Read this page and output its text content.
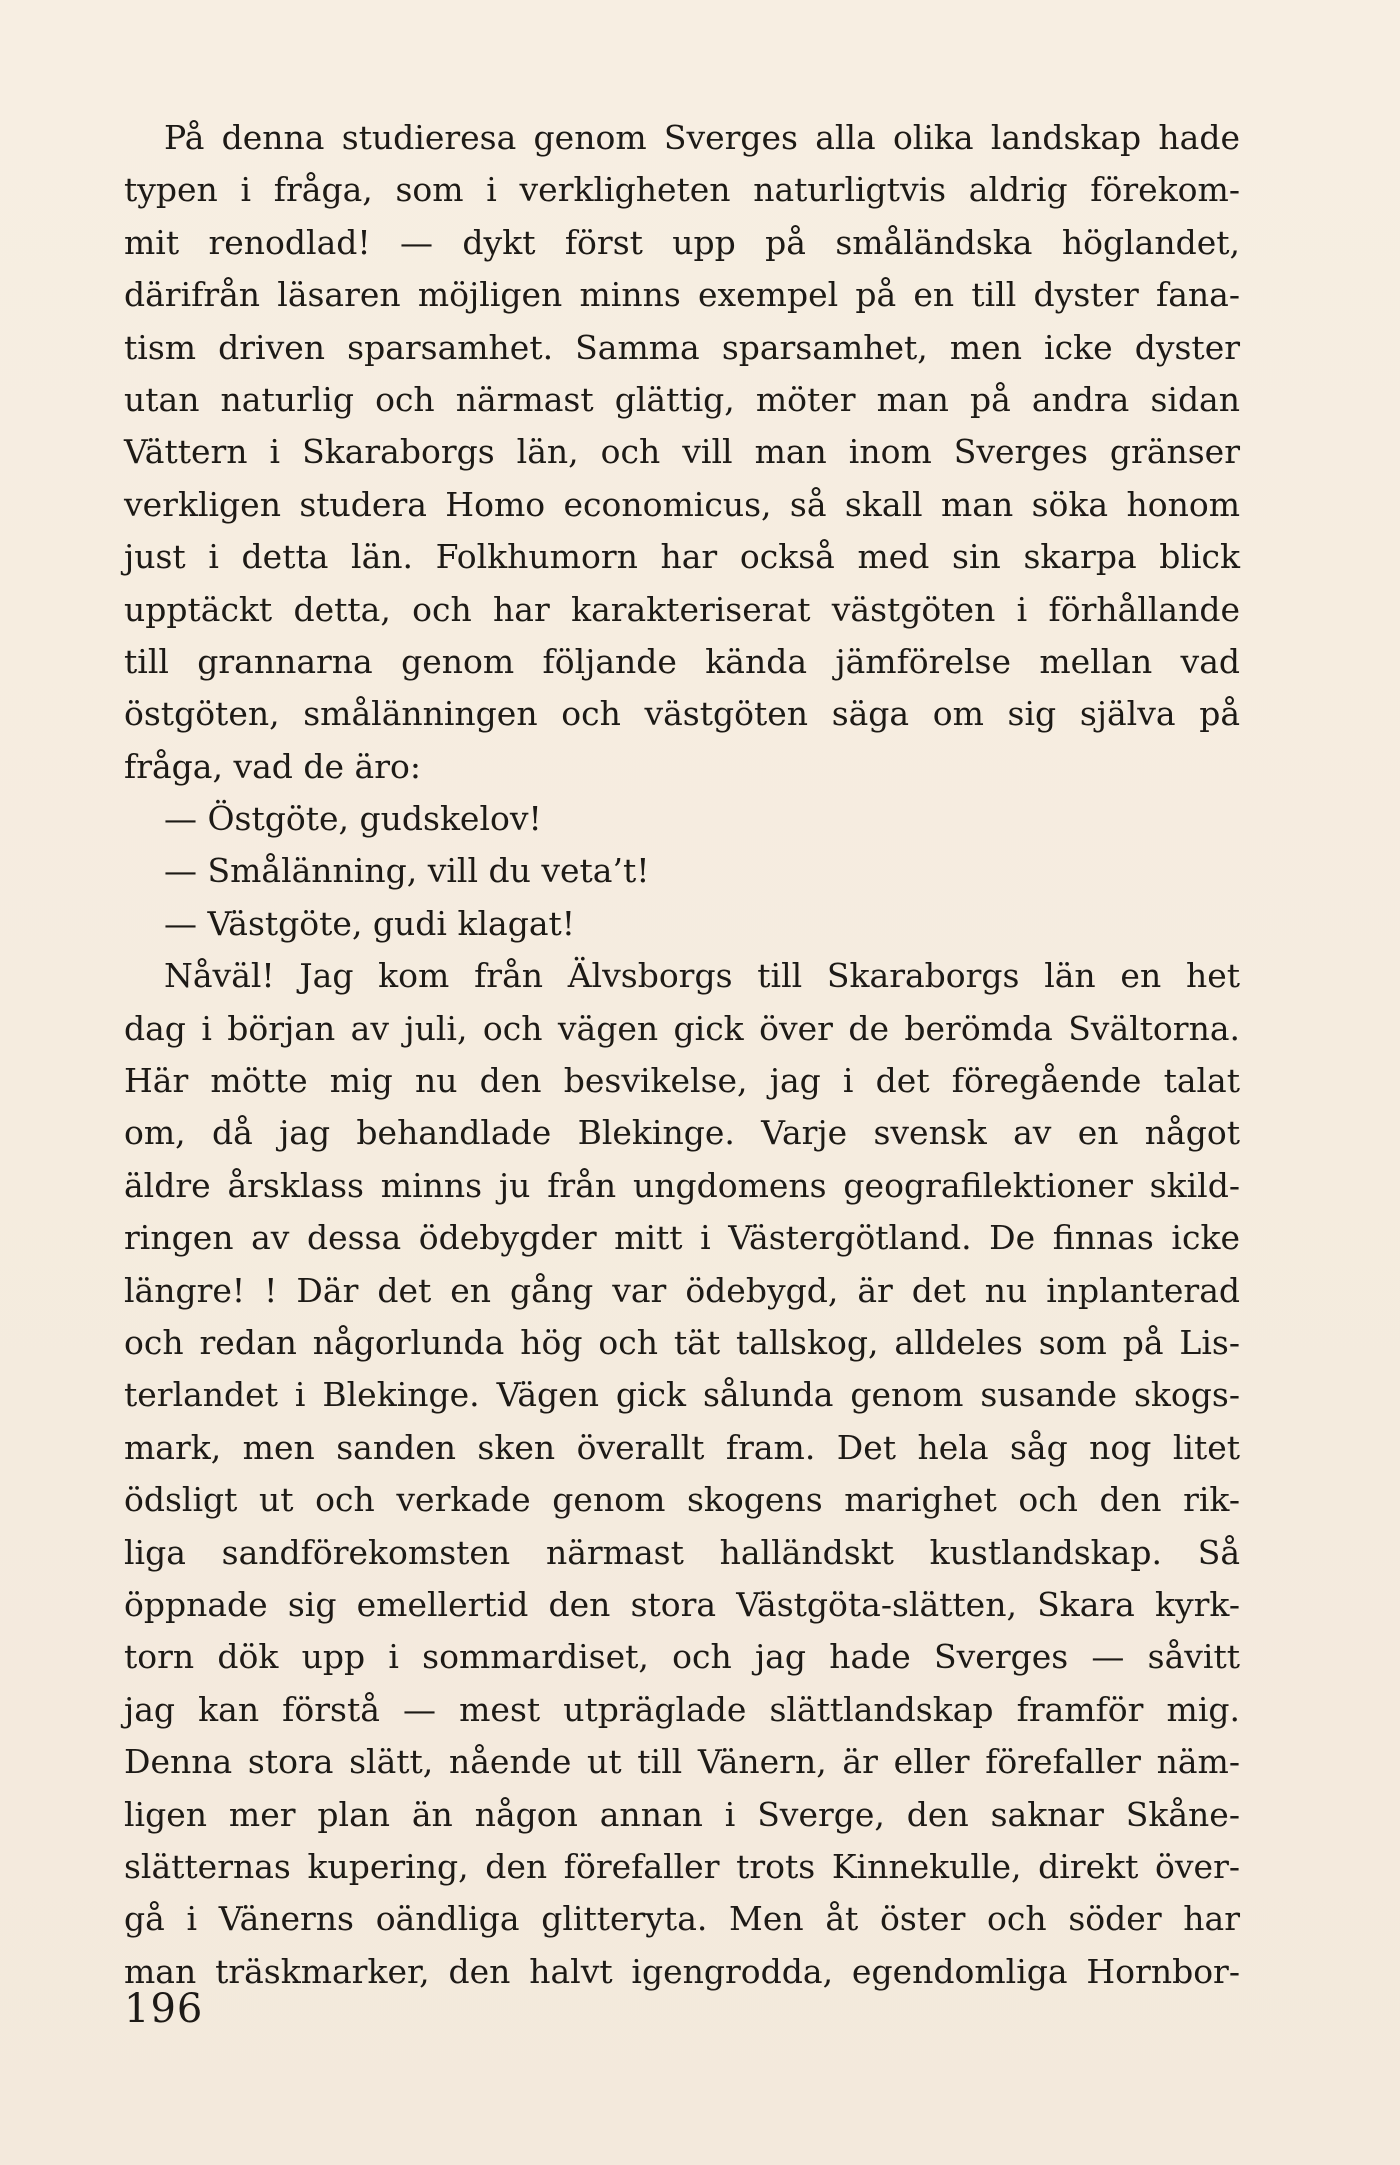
På denna studieresa genom Sverges alla olika landskap hade
typen i fråga, som i verkligheten naturligtvis aldrig förekom-
mit renodlad! — dykt först upp på småländska höglandet,
därifrån läsaren möjligen minns exempel på en till dyster fana-
tism driven sparsamhet. Samma sparsamhet, men icke dyster
utan naturlig och närmast glättig, möter man på andra sidan
Vättern i Skaraborgs län, och vill man inom Sverges gränser
verkligen studera Homo economicus, så skall man söka honom
just i detta län. Folkhumorn har också med sin skarpa blick
upptäckt detta, och har karakteriserat västgöten i förhållande
till grannarna genom följande kända jämförelse mellan vad
östgöten, smålänningen och västgöten säga om sig själva på
fråga, vad de äro:
— Östgöte, gudskelov!
— Smålänning, vill du veta’t!
— Västgöte, gudi klagat!
Nåväl! Jag kom från Älvsborgs till Skaraborgs län en het
dag i början av juli, och vägen gick över de berömda Svältorna.
Här mötte mig nu den besvikelse, jag i det föregående talat
om, då jag behandlade Blekinge. Varje svensk av en något
äldre årsklass minns ju från ungdomens geografilektioner skild-
ringen av dessa ödebygder mitt i Västergötland. De finnas icke
längre! ! Där det en gång var ödebygd, är det nu inplanterad
och redan någorlunda hög och tät tallskog, alldeles som på Lis-
terlandet i Blekinge. Vägen gick sålunda genom susande skogs-
mark, men sanden sken överallt fram. Det hela såg nog litet
ödsligt ut och verkade genom skogens marighet och den rik-
liga sandförekomsten närmast halländskt kustlandskap. Så
öppnade sig emellertid den stora Västgöta-slätten, Skara kyrk-
torn dök upp i sommardiset, och jag hade Sverges — såvitt
jag kan förstå — mest utpräglade slättlandskap framför mig.
Denna stora slätt, nående ut till Vänern, är eller förefaller näm-
ligen mer plan än någon annan i Sverge, den saknar Skåne-
slätternas kupering, den förefaller trots Kinnekulle, direkt över-
gå i Vänerns oändliga glitteryta. Men åt öster och söder har
man träskmarker, den halvt igengrodda, egendomliga Hornbor-
196
